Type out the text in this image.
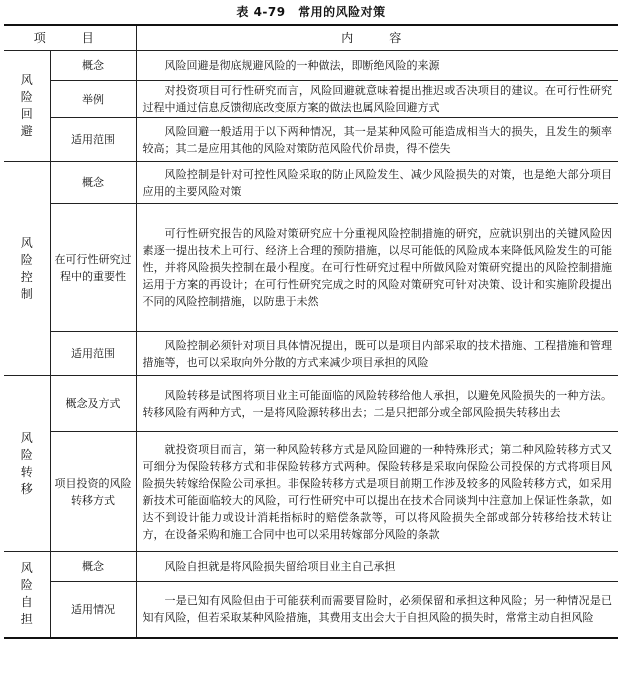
表 4-79　常用的风险对策
项　目		内　容

风
险
回
避	概念	风险回避是彻底规避风险的一种做法，即断绝风险的来源
	举例	对投资项目可行性研究而言，风险回避就意味着提出推迟或否决项目的建议。在可行性研究过程中通过信息反馈彻底改变原方案的做法也属风险回避方式
	适用范围	风险回避一般适用于以下两种情况，其一是某种风险可能造成相当大的损失，且发生的频率较高；其二是应用其他的风险对策防范风险代价昂贵，得不偿失

风
险
控
制	概念	风险控制是针对可控性风险采取的防止风险发生、减少风险损失的对策，也是绝大部分项目应用的主要风险对策
	在可行性研究过程中的重要性	可行性研究报告的风险对策研究应十分重视风险控制措施的研究，应就识别出的关键风险因素逐一提出技术上可行、经济上合理的预防措施，以尽可能低的风险成本来降低风险发生的可能性，并将风险损失控制在最小程度。在可行性研究过程中所做风险对策研究提出的风险控制措施运用于方案的再设计；在可行性研究完成之时的风险对策研究可针对决策、设计和实施阶段提出不同的风险控制措施，以防患于未然
	适用范围	风险控制必须针对项目具体情况提出，既可以是项目内部采取的技术措施、工程措施和管理措施等，也可以采取向外分散的方式来减少项目承担的风险

风
险
转
移	概念及方式	风险转移是试图将项目业主可能面临的风险转移给他人承担，以避免风险损失的一种方法。转移风险有两种方式，一是将风险源转移出去；二是只把部分或全部风险损失转移出去
	项目投资的风险转移方式	就投资项目而言，第一种风险转移方式是风险回避的一种特殊形式；第二种风险转移方式又可细分为保险转移方式和非保险转移方式两种。保险转移是采取向保险公司投保的方式将项目风险损失转嫁给保险公司承担。非保险转移方式是项目前期工作涉及较多的风险转移方式，如采用新技术可能面临较大的风险，可行性研究中可以提出在技术合同谈判中注意加上保证性条款，如达不到设计能力或设计消耗指标时的赔偿条款等，可以将风险损失全部或部分转移给技术转让方，在设备采购和施工合同中也可以采用转嫁部分风险的条款

风
险
自
担	概念	风险自担就是将风险损失留给项目业主自己承担
	适用情况	一是已知有风险但由于可能获利而需要冒险时，必须保留和承担这种风险；另一种情况是已知有风险，但若采取某种风险措施，其费用支出会大于自担风险的损失时，常常主动自担风险
